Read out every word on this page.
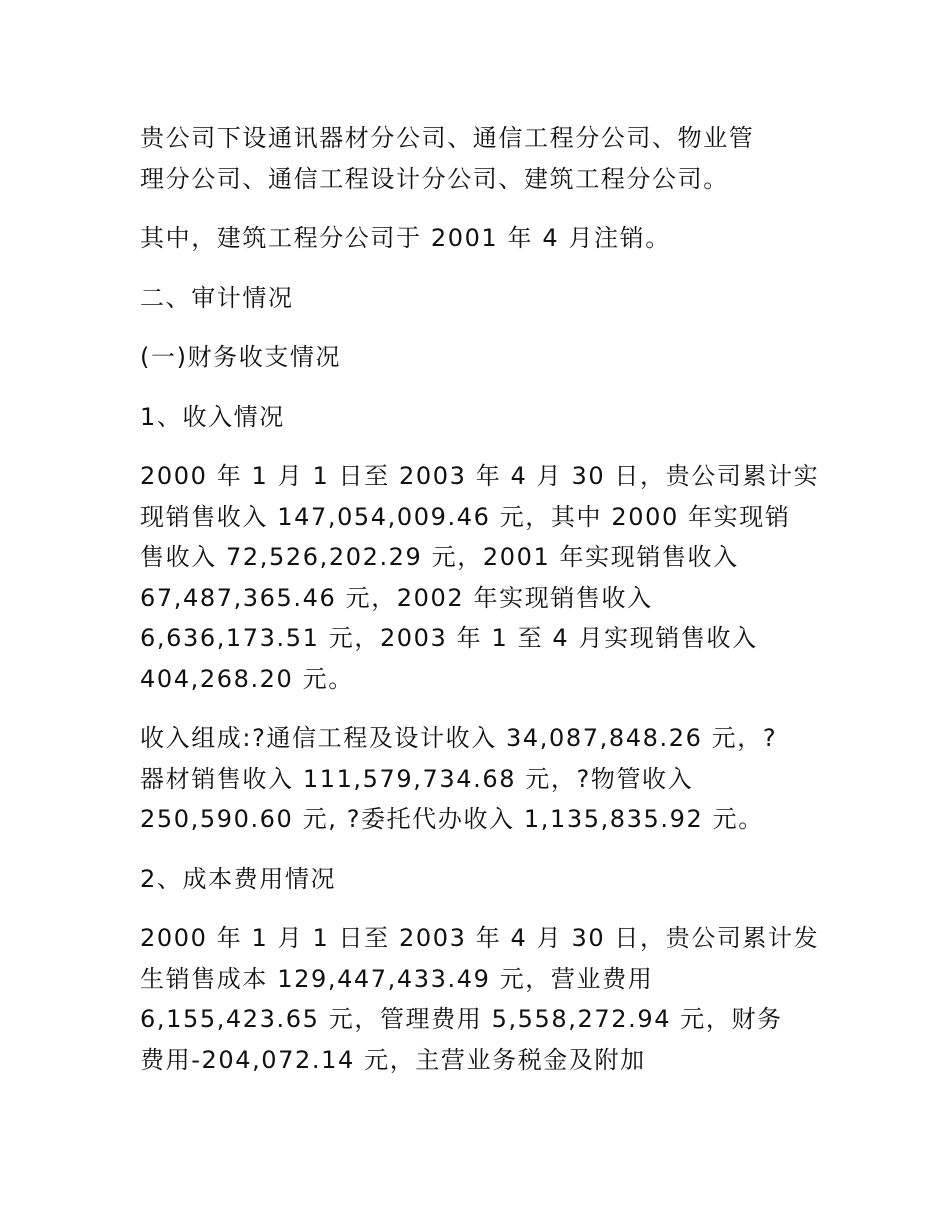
贵公司下设通讯器材分公司、通信工程分公司、物业管
理分公司、通信工程设计分公司、建筑工程分公司。

其中，建筑工程分公司于 2001 年 4 月注销。

二、审计情况

(一)财务收支情况

1、收入情况

2000 年 1 月 1 日至 2003 年 4 月 30 日，贵公司累计实
现销售收入 147,054,009.46 元，其中 2000 年实现销
售收入 72,526,202.29 元，2001 年实现销售收入
67,487,365.46 元，2002 年实现销售收入
6,636,173.51 元，2003 年 1 至 4 月实现销售收入
404,268.20 元。

收入组成:?通信工程及设计收入 34,087,848.26 元，?
器材销售收入 111,579,734.68 元，?物管收入
250,590.60 元, ?委托代办收入 1,135,835.92 元。

2、成本费用情况

2000 年 1 月 1 日至 2003 年 4 月 30 日，贵公司累计发
生销售成本 129,447,433.49 元，营业费用
6,155,423.65 元，管理费用 5,558,272.94 元，财务
费用-204,072.14 元，主营业务税金及附加
